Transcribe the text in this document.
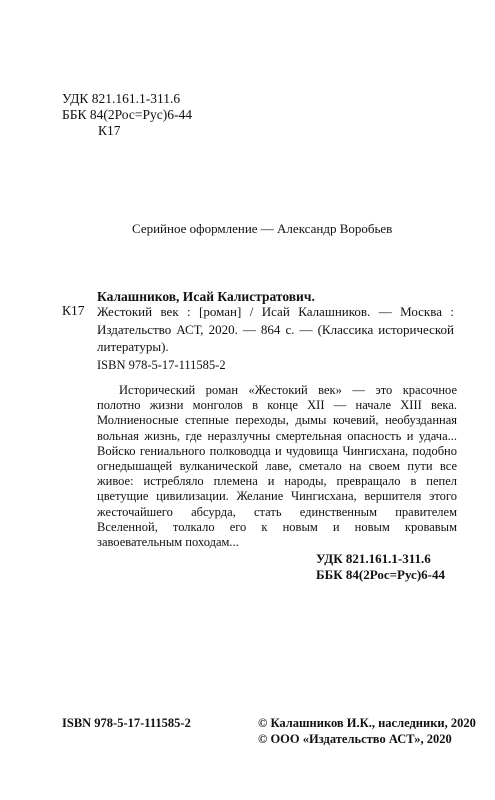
УДК 821.161.1-311.6
ББК 84(2Рос=Рус)6-44
К17
Серийное оформление — Александр Воробьев
Калашников, Исай Калистратович.
К17 Жестокий век : [роман] / Исай Калашников. — Москва : Издательство АСТ, 2020. — 864 с. — (Классика исторической литературы).
ISBN 978-5-17-111585-2
Исторический роман «Жестокий век» — это красочное полотно жизни монголов в конце XII — начале XIII века. Молниеносные степные переходы, дымы кочевий, необузданная вольная жизнь, где неразлучны смертельная опасность и удача... Войско гениального полководца и чудовища Чингисхана, подобно огнедышащей вулканической лаве, сметало на своем пути все живое: истребляло племена и народы, превращало в пепел цветущие цивилизации. Желание Чингисхана, вершителя этого жесточайшего абсурда, стать единственным правителем Вселенной, толкало его к новым и новым кровавым завоевательным походам...
УДК 821.161.1-311.6
ББК 84(2Рос=Рус)6-44
ISBN 978-5-17-111585-2	© Калашников И.К., наследники, 2020
© ООО «Издательство АСТ», 2020
